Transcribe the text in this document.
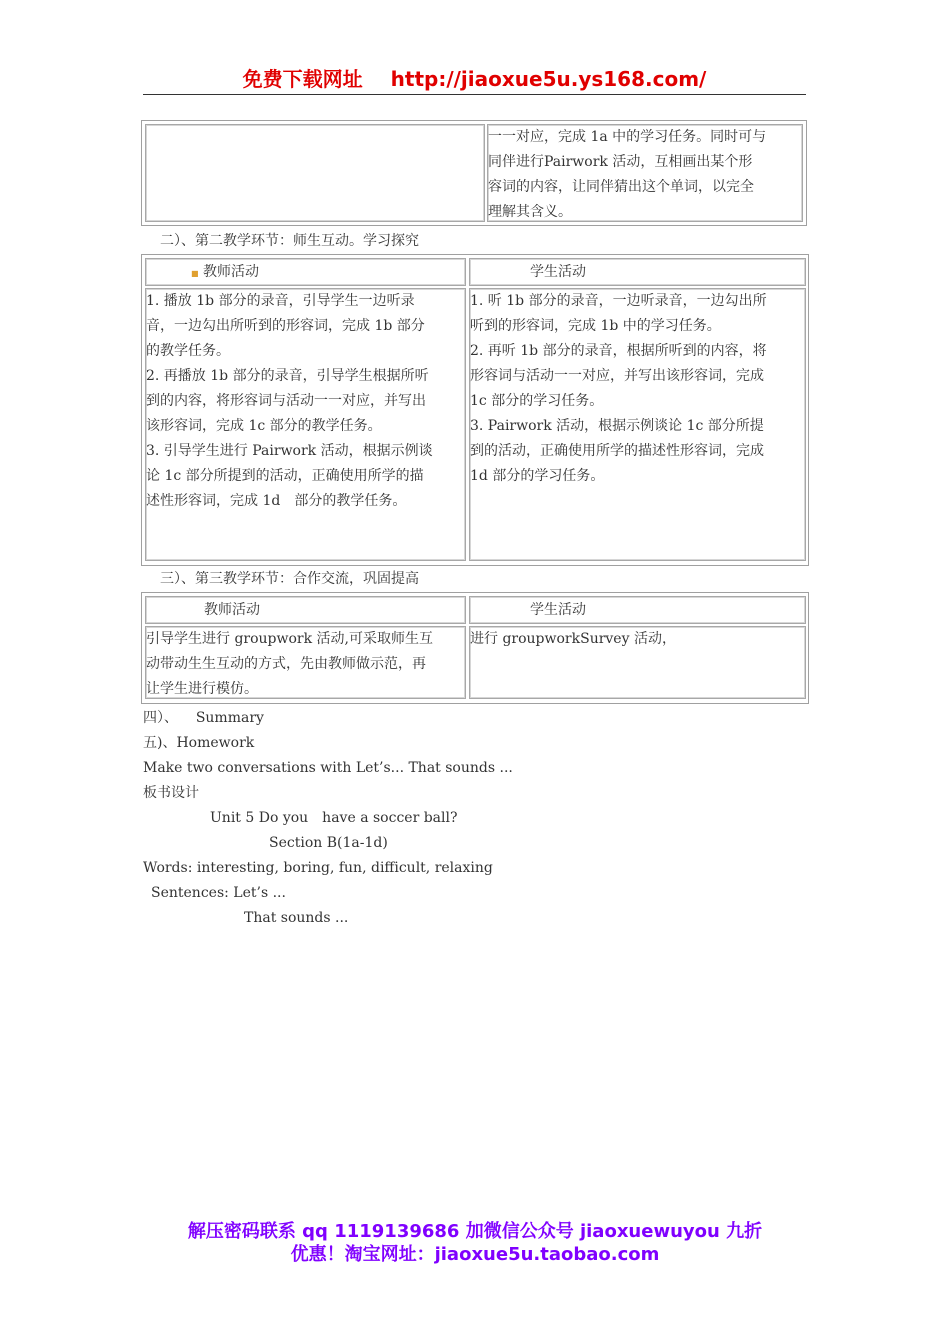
免费下载网址 http://jiaoxue5u.ys168.com/

一一对应，完成 1a 中的学习任务。同时可与

同伴进行Pairwork 活动，互相画出某个形

容词的内容，让同伴猜出这个单词，以完全

理解其含义。

二）、第二教学环节：师生互动。学习探究
■ 教师活动	学生活动

1. 播放 1b 部分的录音，引导学生一边听录

音，一边勾出所听到的形容词，完成 1b 部分

的教学任务。

2. 再播放 1b 部分的录音，引导学生根据所听

到的内容，将形容词与活动一一对应，并写出

该形容词，完成 1c 部分的教学任务。

3. 引导学生进行 Pairwork 活动，根据示例谈

论 1c 部分所提到的活动，正确使用所学的描

述性形容词，完成 1d　部分的教学任务。

1. 听 1b 部分的录音，一边听录音，一边勾出所

听到的形容词，完成 1b 中的学习任务。

2. 再听 1b 部分的录音，根据所听到的内容，将

形容词与活动一一对应，并写出该形容词，完成

1c 部分的学习任务。

3. Pairwork 活动，根据示例谈论 1c 部分所提

到的活动，正确使用所学的描述性形容词，完成

1d 部分的学习任务。

三）、第三教学环节：合作交流，巩固提高
教师活动	学生活动

引导学生进行 groupwork 活动,可采取师生互

动带动生生互动的方式，先由教师做示范，再

让学生进行模仿。

进行 groupworkSurvey 活动，

四）、 Summary
五)、Homework
Make two conversations with Let’s... That sounds ...
板书设计
Unit 5 Do you　have a soccer ball?
Section B(1a-1d)
Words: interesting, boring, fun, difficult, relaxing
Sentences: Let’s ...
That sounds ...
解压密码联系 qq 1119139686 加微信公众号 jiaoxuewuyou 九折
优惠！淘宝网址：jiaoxue5u.taobao.com
